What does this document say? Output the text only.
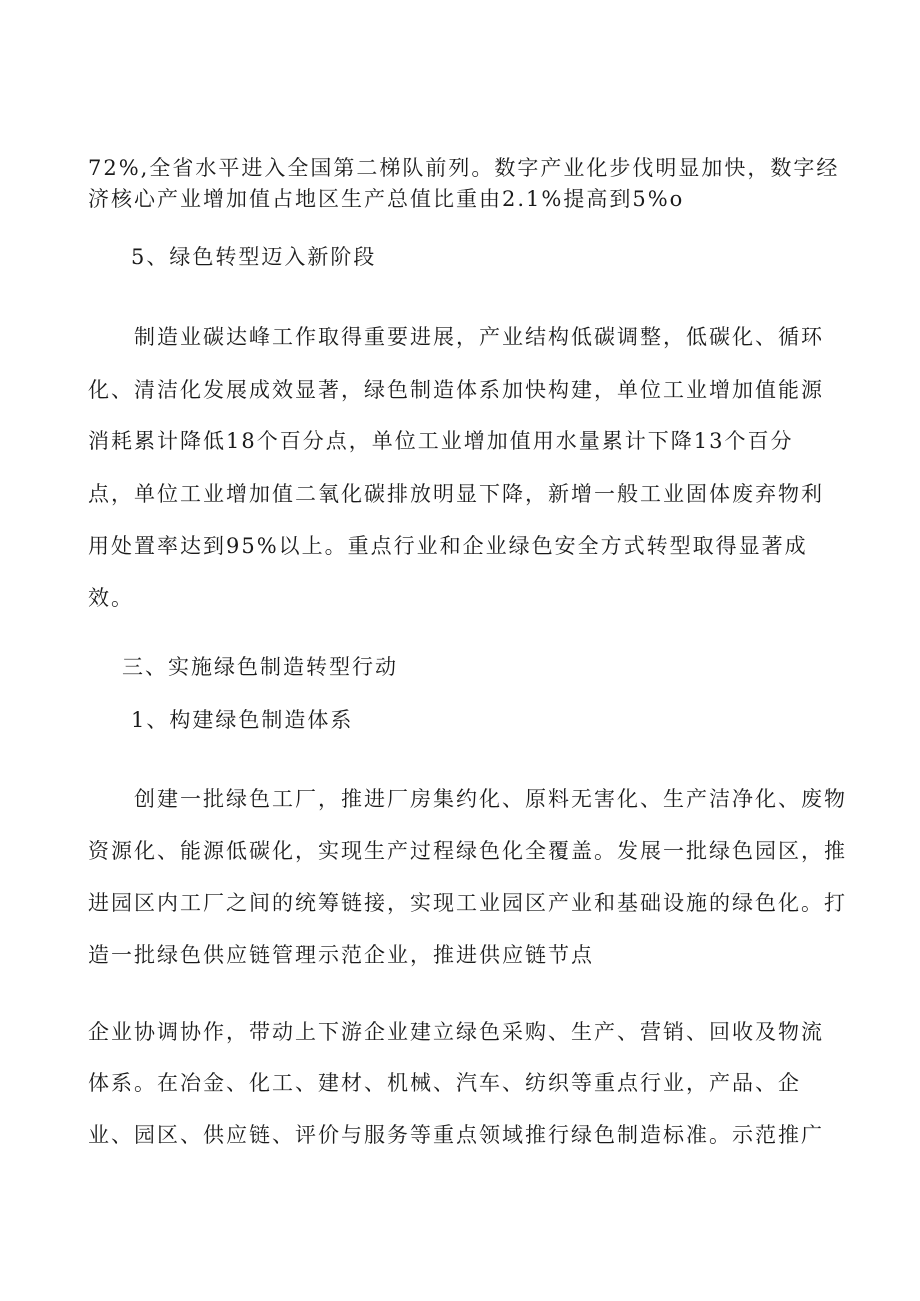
72%,全省水平进入全国第二梯队前列。数字产业化步伐明显加快，数字经
济核心产业增加值占地区生产总值比重由2.1%提高到5%o
5、绿色转型迈入新阶段
制造业碳达峰工作取得重要进展，产业结构低碳调整，低碳化、循环
化、清洁化发展成效显著，绿色制造体系加快构建，单位工业增加值能源
消耗累计降低18个百分点，单位工业增加值用水量累计下降13个百分
点，单位工业增加值二氧化碳排放明显下降，新增一般工业固体废弃物利
用处置率达到95%以上。重点行业和企业绿色安全方式转型取得显著成
效。
三、实施绿色制造转型行动
1、构建绿色制造体系
创建一批绿色工厂，推进厂房集约化、原料无害化、生产洁净化、废物
资源化、能源低碳化，实现生产过程绿色化全覆盖。发展一批绿色园区，推
进园区内工厂之间的统筹链接，实现工业园区产业和基础设施的绿色化。打
造一批绿色供应链管理示范企业，推进供应链节点
企业协调协作，带动上下游企业建立绿色采购、生产、营销、回收及物流
体系。在冶金、化工、建材、机械、汽车、纺织等重点行业，产品、企
业、园区、供应链、评价与服务等重点领域推行绿色制造标准。示范推广
